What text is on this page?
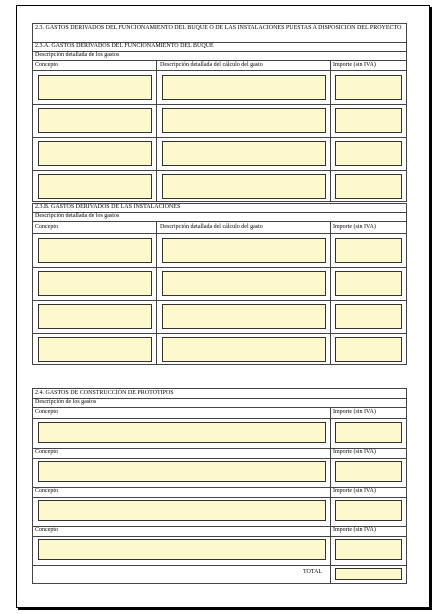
2.3. GASTOS DERIVADOS DEL FUNCIONAMIENTO DEL BUQUE O DE LAS INSTALACIONES PUESTAS A DISPOSICIÓN DEL PROYECTO
2.3.A. GASTOS DERIVADOS DEL FUNCIONAMIENTO DEL BUQUE
Descripción detallada de los gastos
Concepto	Descripción detallada del cálculo del gasto	Importe (sin IVA)
2.3.B. GASTOS DERIVADOS DE LAS INSTALACIONES
Descripción detallada de los gastos
Concepto	Descripción detallada del cálculo del gasto	Importe (sin IVA)
2.4. GASTOS DE CONSTRUCCIÓN DE PROTOTIPOS
Descripción de los gastos
Concepto	Importe (sin IVA)
Concepto	Importe (sin IVA)
Concepto	Importe (sin IVA)
Concepto	Importe (sin IVA)
TOTAL
